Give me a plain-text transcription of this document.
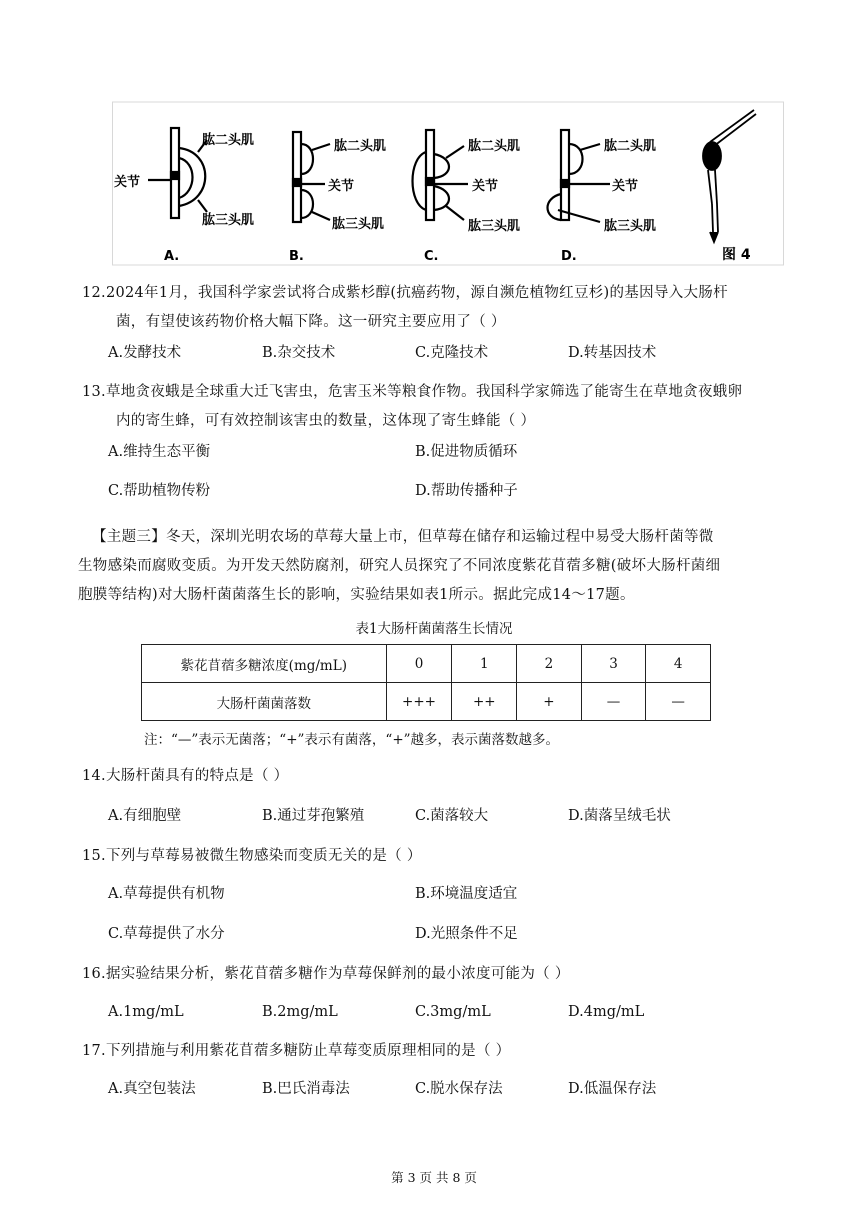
肱二头肌
肱三头肌
关节
A.
肱二头肌
关节
肱三头肌
B.
肱二头肌
关节
肱三头肌
C.
肱二头肌
关节
肱三头肌
D.	图 4
12.2024年1月，我国科学家尝试将合成紫杉醇(抗癌药物，源自濒危植物红豆杉)的基因导入大肠杆
菌，有望使该药物价格大幅下降。这一研究主要应用了（ ）
A.发酵技术	B.杂交技术	C.克隆技术	D.转基因技术
13.草地贪夜蛾是全球重大迁飞害虫，危害玉米等粮食作物。我国科学家筛选了能寄生在草地贪夜蛾卵
内的寄生蜂，可有效控制该害虫的数量，这体现了寄生蜂能（ ）
A.维持生态平衡	B.促进物质循环
C.帮助植物传粉	D.帮助传播种子
【主题三】冬天，深圳光明农场的草莓大量上市，但草莓在储存和运输过程中易受大肠杆菌等微
生物感染而腐败变质。为开发天然防腐剂，研究人员探究了不同浓度紫花苜蓿多糖(破坏大肠杆菌细
胞膜等结构)对大肠杆菌菌落生长的影响，实验结果如表1所示。据此完成14～17题。
表1大肠杆菌菌落生长情况
紫花苜蓿多糖浓度(mg/mL)	0	1	2	3	4
大肠杆菌菌落数	+++	++	+	—	—
注：“—”表示无菌落；“+”表示有菌落，“+”越多，表示菌落数越多。
14.大肠杆菌具有的特点是（ ）
A.有细胞壁	B.通过芽孢繁殖	C.菌落较大	D.菌落呈绒毛状
15.下列与草莓易被微生物感染而变质无关的是（ ）
A.草莓提供有机物	B.环境温度适宜
C.草莓提供了水分	D.光照条件不足
16.据实验结果分析，紫花苜蓿多糖作为草莓保鲜剂的最小浓度可能为（ ）
A.1mg/mL	B.2mg/mL	C.3mg/mL	D.4mg/mL
17.下列措施与利用紫花苜蓿多糖防止草莓变质原理相同的是（ ）
A.真空包装法	B.巴氏消毒法	C.脱水保存法	D.低温保存法
第 3 页 共 8 页
